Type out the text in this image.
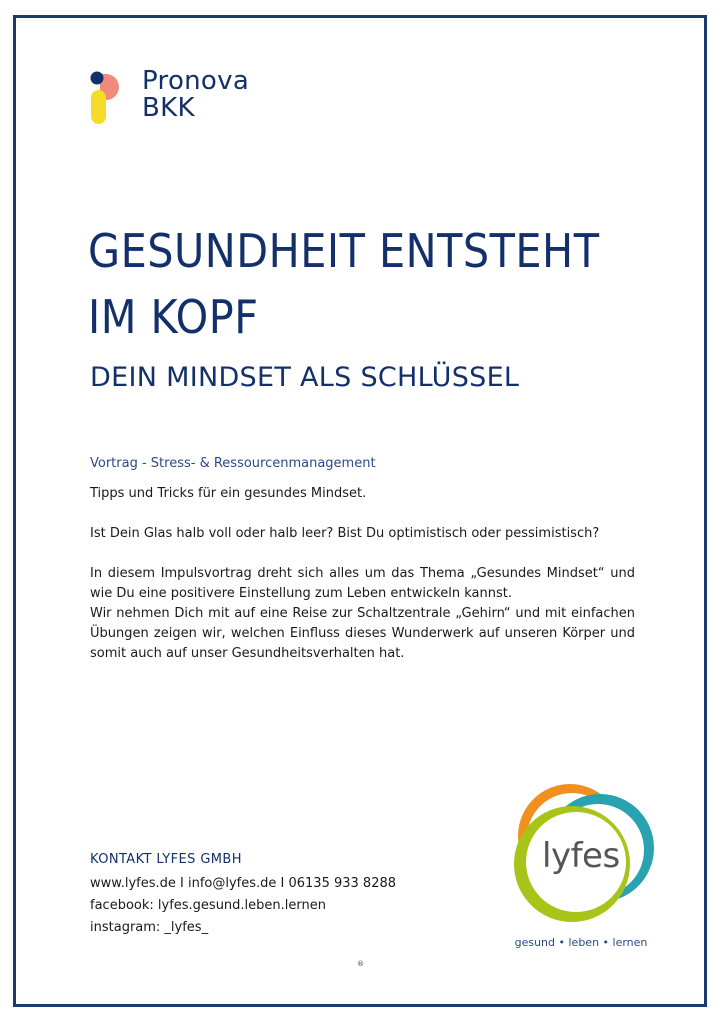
Pronova
BKK
GESUNDHEIT ENTSTEHT
IM KOPF
DEIN MINDSET ALS SCHLÜSSEL
Vortrag - Stress- & Ressourcenmanagement

Tipps und Tricks für ein gesundes Mindset.

Ist Dein Glas halb voll oder halb leer? Bist Du optimistisch oder pessimistisch?

In diesem Impulsvortrag dreht sich alles um das Thema „Gesundes Mindset“ und wie Du eine positivere Einstellung zum Leben entwickeln kannst.

Wir nehmen Dich mit auf eine Reise zur Schaltzentrale „Gehirn“ und mit einfachen Übungen zeigen wir, welchen Einfluss dieses Wunderwerk auf unseren Körper und somit auch auf unser Gesundheitsverhalten hat.

KONTAKT LYFES GMBH
www.lyfes.de I info@lyfes.de I 06135 933 8288
facebook: lyfes.gesund.leben.lernen
instagram: _lyfes_
lyfes
gesund • leben • lernen
®
